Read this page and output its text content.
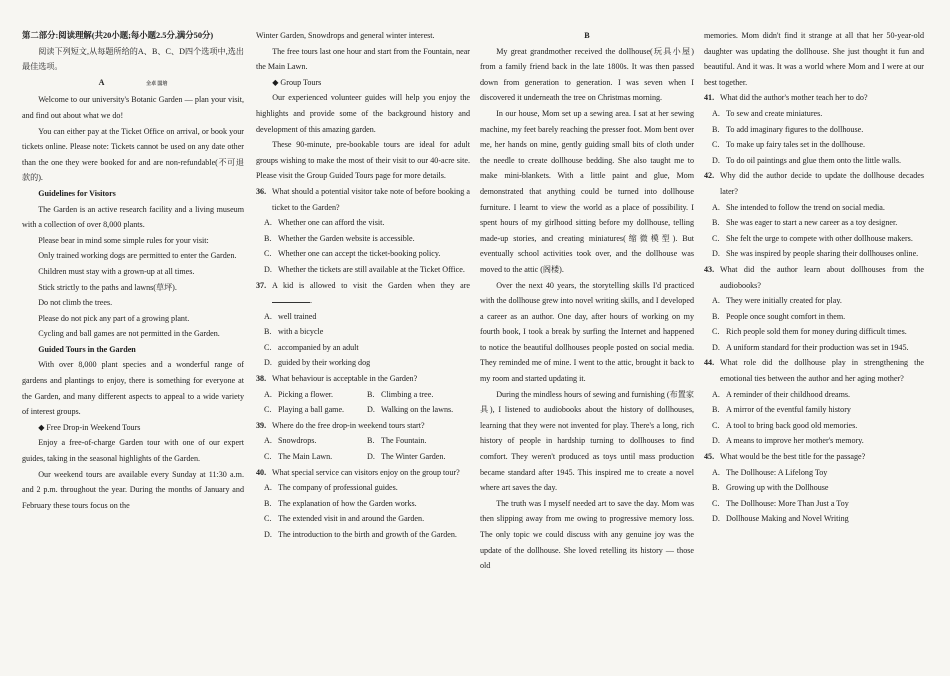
第二部分:阅读理解(共20小题;每小题2.5分,满分50分)

阅读下列短文,从每题所给的A、B、C、D四个选项中,选出最佳选项。

A	全卓 国培

Welcome to our university's Botanic Garden — plan your visit, and find out about what we do!

You can either pay at the Ticket Office on arrival, or book your tickets online. Please note: Tickets cannot be used on any date other than the one they were booked for and are non-refundable(不可退款的).

Guidelines for Visitors

The Garden is an active research facility and a living museum with a collection of over 8,000 plants.

Please bear in mind some simple rules for your visit:

Only trained working dogs are permitted to enter the Garden.

Children must stay with a grown-up at all times.

Stick strictly to the paths and lawns(草坪).

Do not climb the trees.

Please do not pick any part of a growing plant.

Cycling and ball games are not permitted in the Garden.

Guided Tours in the Garden

With over 8,000 plant species and a wonderful range of gardens and plantings to enjoy, there is something for everyone at the Garden, and many different aspects to appeal to a wide variety of interest groups.

◆ Free Drop-in Weekend Tours

Enjoy a free-of-charge Garden tour with one of our expert guides, taking in the seasonal highlights of the Garden.

Our weekend tours are available every Sunday at 11:30 a.m. and 2 p.m. throughout the year. During the months of January and February these tours focus on the

Winter Garden, Snowdrops and general winter interest.

The free tours last one hour and start from the Fountain, near the Main Lawn.

◆ Group Tours

Our experienced volunteer guides will help you enjoy the highlights and provide some of the background history and development of this amazing garden.

These 90-minute, pre-bookable tours are ideal for adult groups wishing to make the most of their visit to our 40-acre site. Please visit the Group Guided Tours page for more details.

36. What should a potential visitor take note of before booking a ticket to the Garden?
A. Whether one can afford the visit.
B. Whether the Garden website is accessible.
C. Whether one can accept the ticket-booking policy.
D. Whether the tickets are still available at the Ticket Office.
37. A kid is allowed to visit the Garden when they are .
A. well trained
B. with a bicycle
C. accompanied by an adult
D. guided by their working dog
38. What behaviour is acceptable in the Garden?
A. Picking a flower.	B. Climbing a tree.
C. Playing a ball game.	D. Walking on the lawns.
39. Where do the free drop-in weekend tours start?
A. Snowdrops.	B. The Fountain.
C. The Main Lawn.	D. The Winter Garden.
40. What special service can visitors enjoy on the group tour?
A. The company of professional guides.
B. The explanation of how the Garden works.
C. The extended visit in and around the Garden.
D. The introduction to the birth and growth of the Garden.

B

My great grandmother received the dollhouse(玩具小屋) from a family friend back in the late 1800s. It was then passed down from generation to generation. I was seven when I discovered it underneath the tree on Christmas morning.

In our house, Mom set up a sewing area. I sat at her sewing machine, my feet barely reaching the presser foot. Mom bent over me, her hands on mine, gently guiding small bits of cloth under the needle to create dollhouse bedding. She also taught me to make mini-blankets. With a little paint and glue, Mom demonstrated that anything could be turned into dollhouse furniture. I learnt to view the world as a place of possibility. I spent hours of my girlhood sitting before my dollhouse, telling made-up stories, and creating miniatures(缩微模型). But eventually school activities took over, and the dollhouse was moved to the attic (阁楼).

Over the next 40 years, the storytelling skills I'd practiced with the dollhouse grew into novel writing skills, and I developed a career as an author. One day, after hours of working on my fourth book, I took a break by surfing the Internet and happened to notice the beautiful dollhouses people posted on social media. They reminded me of mine. I went to the attic, brought it back to my room and started updating it.

During the mindless hours of sewing and furnishing (布置家具), I listened to audiobooks about the history of dollhouses, learning that they were not invented for play. There's a long, rich history of people in hardship turning to dollhouses to find comfort. They weren't produced as toys until mass production became standard after 1945. This inspired me to create a novel where art saves the day.

The truth was I myself needed art to save the day. Mom was then slipping away from me owing to progressive memory loss. The only topic we could discuss with any genuine joy was the update of the dollhouse. She loved retelling its history — those old

memories. Mom didn't find it strange at all that her 50-year-old daughter was updating the dollhouse. She just thought it fun and beautiful. And it was. It was a world where Mom and I were at our best together.

41. What did the author's mother teach her to do?
A. To sew and create miniatures.
B. To add imaginary figures to the dollhouse.
C. To make up fairy tales set in the dollhouse.
D. To do oil paintings and glue them onto the little walls.
42. Why did the author decide to update the dollhouse decades later?
A. She intended to follow the trend on social media.
B. She was eager to start a new career as a toy designer.
C. She felt the urge to compete with other dollhouse makers.
D. She was inspired by people sharing their dollhouses online.
43. What did the author learn about dollhouses from the audiobooks?
A. They were initially created for play.
B. People once sought comfort in them.
C. Rich people sold them for money during difficult times.
D. A uniform standard for their production was set in 1945.
44. What role did the dollhouse play in strengthening the emotional ties between the author and her aging mother?
A. A reminder of their childhood dreams.
B. A mirror of the eventful family history
C. A tool to bring back good old memories.
D. A means to improve her mother's memory.
45. What would be the best title for the passage?
A. The Dollhouse: A Lifelong Toy
B. Growing up with the Dollhouse
C. The Dollhouse: More Than Just a Toy
D. Dollhouse Making and Novel Writing
